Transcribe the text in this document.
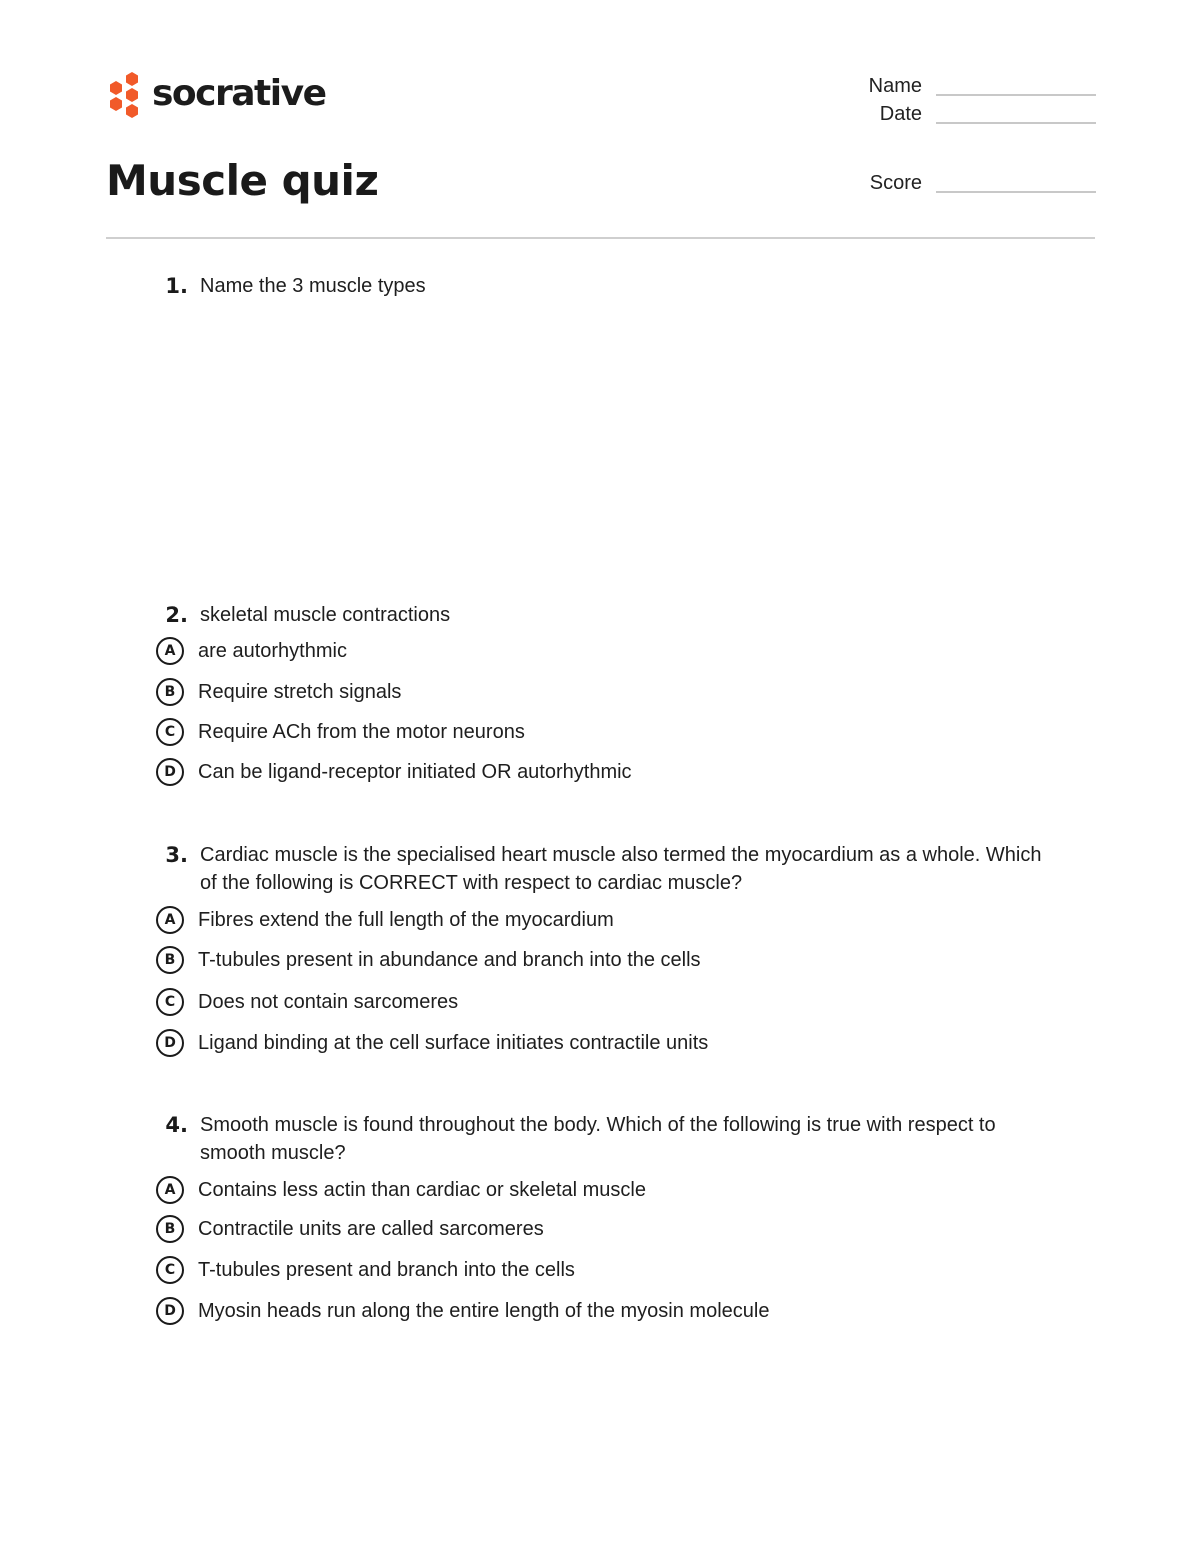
socrative
Muscle quiz
Name
Date
Score
1. Name the 3 muscle types
2. skeletal muscle contractions
A	are autorhythmic
B	Require stretch signals
C	Require ACh from the motor neurons
D	Can be ligand-receptor initiated OR autorhythmic
3. Cardiac muscle is the specialised heart muscle also termed the myocardium as a whole. Which of the following is CORRECT with respect to cardiac muscle?
A	Fibres extend the full length of the myocardium
B	T-tubules present in abundance and branch into the cells
C	Does not contain sarcomeres
D	Ligand binding at the cell surface initiates contractile units
4. Smooth muscle is found throughout the body. Which of the following is true with respect to smooth muscle?
A	Contains less actin than cardiac or skeletal muscle
B	Contractile units are called sarcomeres
C	T-tubules present and branch into the cells
D	Myosin heads run along the entire length of the myosin molecule
